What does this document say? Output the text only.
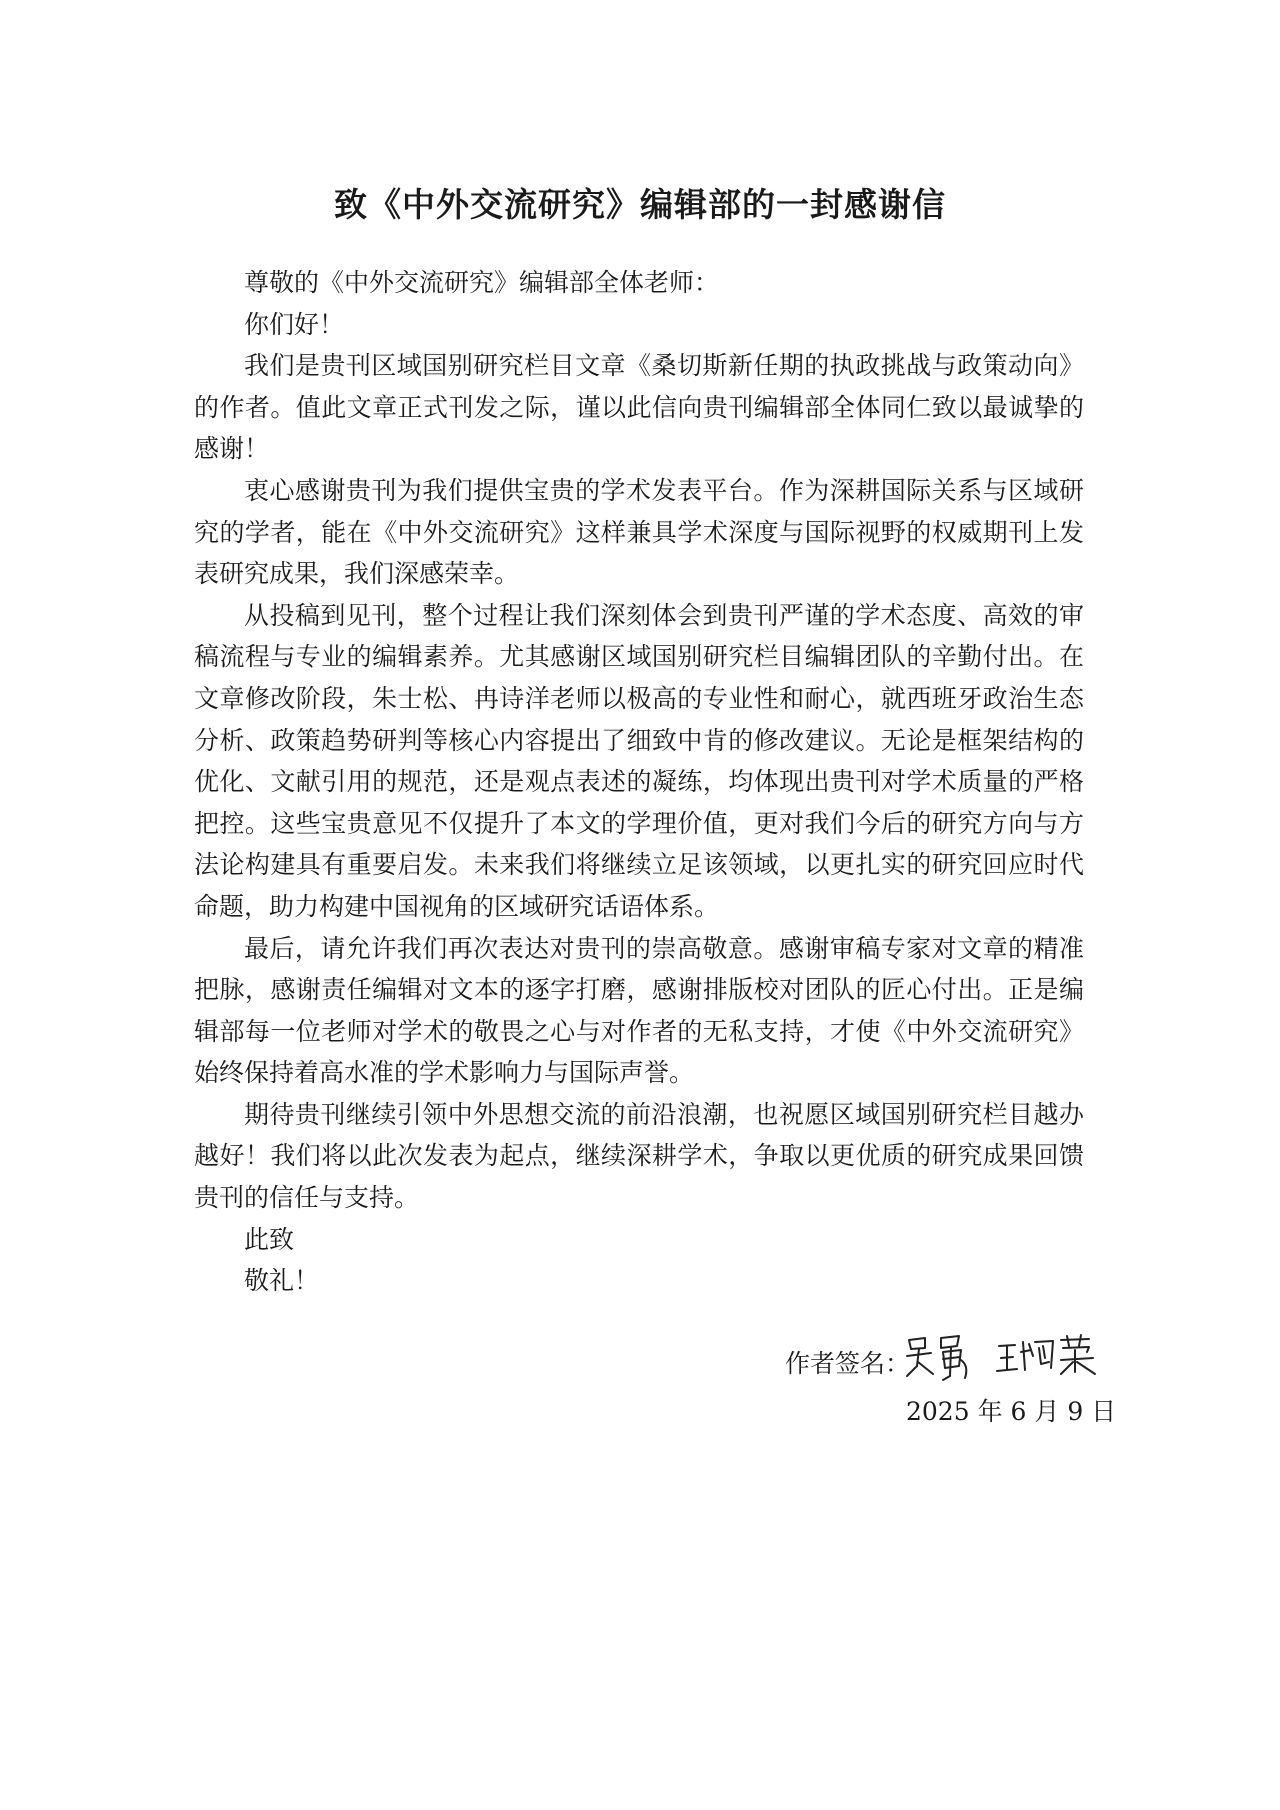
致《中外交流研究》编辑部的一封感谢信

尊敬的《中外交流研究》编辑部全体老师：

你们好！

我们是贵刊区域国别研究栏目文章《桑切斯新任期的执政挑战与政策动向》的作者。值此文章正式刊发之际，谨以此信向贵刊编辑部全体同仁致以最诚挚的感谢！

衷心感谢贵刊为我们提供宝贵的学术发表平台。作为深耕国际关系与区域研究的学者，能在《中外交流研究》这样兼具学术深度与国际视野的权威期刊上发表研究成果，我们深感荣幸。

从投稿到见刊，整个过程让我们深刻体会到贵刊严谨的学术态度、高效的审稿流程与专业的编辑素养。尤其感谢区域国别研究栏目编辑团队的辛勤付出。在文章修改阶段，朱士松、冉诗洋老师以极高的专业性和耐心，就西班牙政治生态分析、政策趋势研判等核心内容提出了细致中肯的修改建议。无论是框架结构的优化、文献引用的规范，还是观点表述的凝练，均体现出贵刊对学术质量的严格把控。这些宝贵意见不仅提升了本文的学理价值，更对我们今后的研究方向与方法论构建具有重要启发。未来我们将继续立足该领域，以更扎实的研究回应时代命题，助力构建中国视角的区域研究话语体系。

最后，请允许我们再次表达对贵刊的崇高敬意。感谢审稿专家对文章的精准把脉，感谢责任编辑对文本的逐字打磨，感谢排版校对团队的匠心付出。正是编辑部每一位老师对学术的敬畏之心与对作者的无私支持，才使《中外交流研究》始终保持着高水准的学术影响力与国际声誉。

期待贵刊继续引领中外思想交流的前沿浪潮，也祝愿区域国别研究栏目越办越好！我们将以此次发表为起点，继续深耕学术，争取以更优质的研究成果回馈贵刊的信任与支持。

此致

敬礼！

作者签名：
2025 年 6 月 9 日
